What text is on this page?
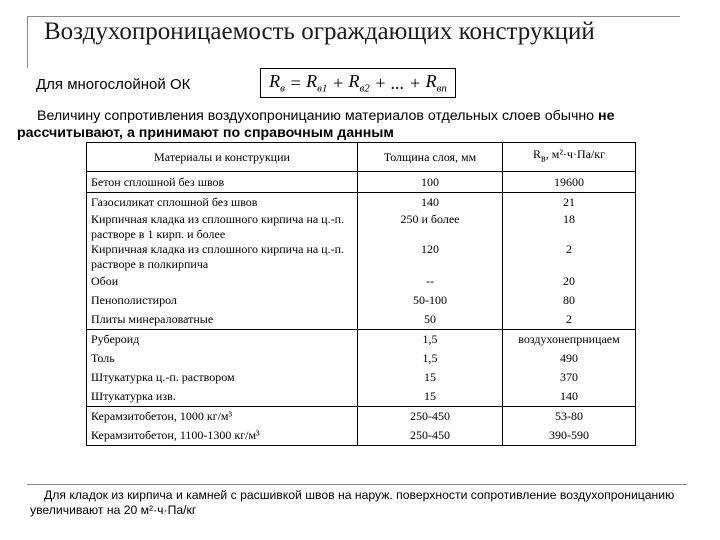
Воздухопроницаемость ограждающих конструкций
Для многослойной ОК	$R_в$
=
$R_{в1}$
+
$R_{в2}$
+ ... +
$R_{вn}$
Величину сопротивления воздухопроницанию материалов отдельных слоев обычно не рассчитывают, а принимают по справочным данным
Материалы и конструкции	Толщина слоя, мм	$R_в$, м²·ч·Па/кг
Бетон сплошной без швов	100	19600
Газосиликат сплошной без швов	140	21
Кирпичная кладка из сплошного кирпича на ц.-п. растворе в 1 кирп. и более	250 и более	18
Кирпичная кладка из сплошного кирпича на ц.-п. растворе в полкирпича	120	2
Обои	--	20
Пенополистирол	50-100	80
Плиты минераловатные	50	2
Рубероид	1,5	воздухонепрницаем
Толь	1,5	490
Штукатурка ц.-п. раствором	15	370
Штукатурка изв.	15	140
Керамзитобетон, 1000 кг/м³	250-450	53-80
Керамзитобетон, 1100-1300 кг/м³	250-450	390-590
Для кладок из кирпича и камней с расшивкой швов на наруж. поверхности сопротивление воздухопроницанию увеличивают на 20 м²·ч·Па/кг
